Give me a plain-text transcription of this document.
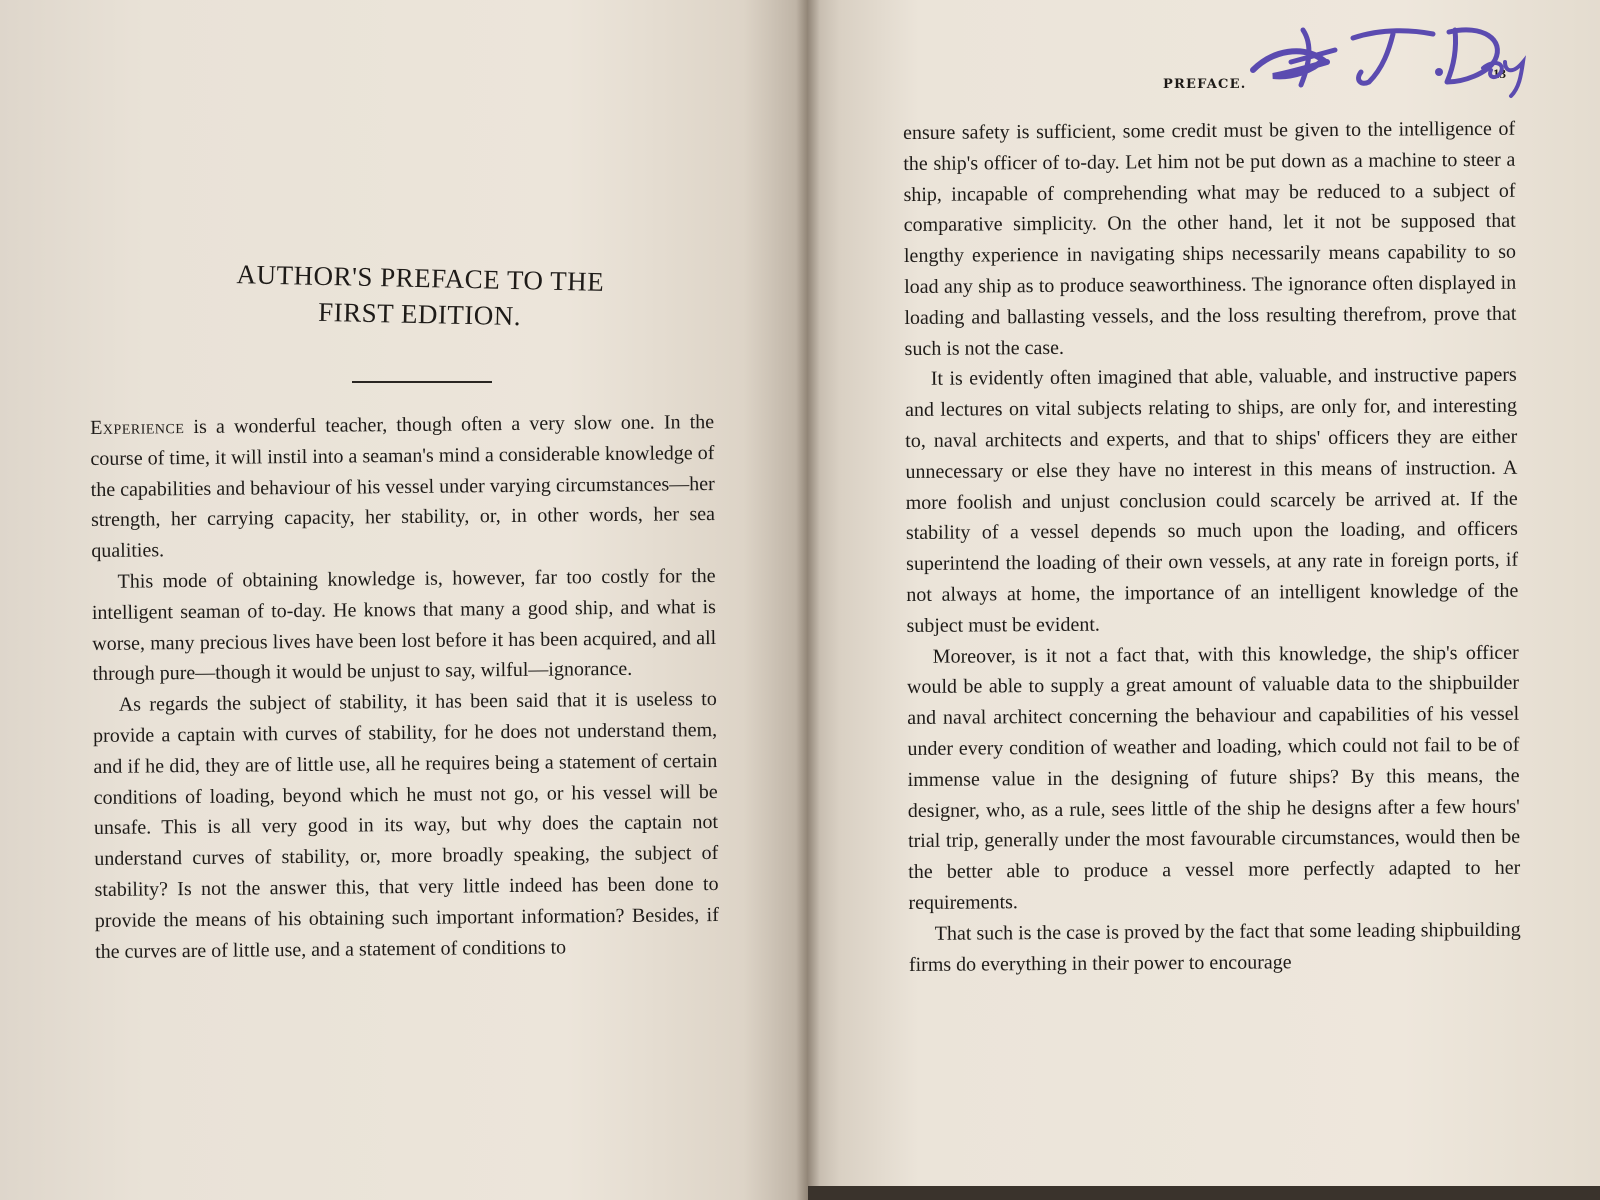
AUTHOR'S PREFACE TO THE
FIRST EDITION.

Experience is a wonderful teacher, though often a very slow one. In the course of time, it will instil into a seaman's mind a considerable knowledge of the capabilities and behaviour of his vessel under varying circumstances—her strength, her carrying capacity, her stability, or, in other words, her sea qualities.

This mode of obtaining knowledge is, however, far too costly for the intelligent seaman of to-day. He knows that many a good ship, and what is worse, many precious lives have been lost before it has been acquired, and all through pure—though it would be unjust to say, wilful—ignorance.

As regards the subject of stability, it has been said that it is useless to provide a captain with curves of stability, for he does not understand them, and if he did, they are of little use, all he requires being a statement of certain conditions of loading, beyond which he must not go, or his vessel will be unsafe. This is all very good in its way, but why does the captain not understand curves of stability, or, more broadly speaking, the subject of stability? Is not the answer this, that very little indeed has been done to provide the means of his obtaining such important information? Besides, if the curves are of little use, and a statement of conditions to

PREFACE.
13

ensure safety is sufficient, some credit must be given to the intelligence of the ship's officer of to-day. Let him not be put down as a machine to steer a ship, incapable of comprehending what may be reduced to a subject of comparative simplicity. On the other hand, let it not be supposed that lengthy experience in navigating ships necessarily means capability to so load any ship as to produce seaworthiness. The ignorance often displayed in loading and ballasting vessels, and the loss resulting therefrom, prove that such is not the case.

It is evidently often imagined that able, valuable, and instructive papers and lectures on vital subjects relating to ships, are only for, and interesting to, naval architects and experts, and that to ships' officers they are either unnecessary or else they have no interest in this means of instruction. A more foolish and unjust conclusion could scarcely be arrived at. If the stability of a vessel depends so much upon the loading, and officers superintend the loading of their own vessels, at any rate in foreign ports, if not always at home, the importance of an intelligent knowledge of the subject must be evident.

Moreover, is it not a fact that, with this knowledge, the ship's officer would be able to supply a great amount of valuable data to the shipbuilder and naval architect concerning the behaviour and capabilities of his vessel under every condition of weather and loading, which could not fail to be of immense value in the designing of future ships? By this means, the designer, who, as a rule, sees little of the ship he designs after a few hours' trial trip, generally under the most favourable circumstances, would then be the better able to produce a vessel more perfectly adapted to her requirements.

That such is the case is proved by the fact that some leading shipbuilding firms do everything in their power to encourage
